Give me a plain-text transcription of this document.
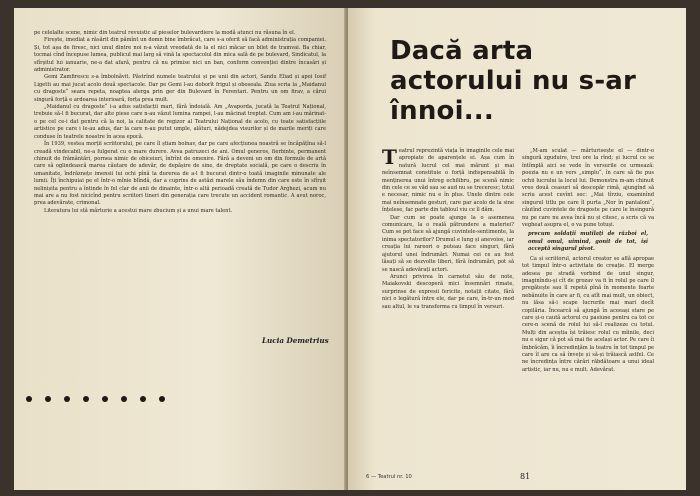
pe celelalte scene, nimic din teatrul revuistic al pieselor bulevardiere la modă atunci nu răsuna în el.

Firește, imediat a răsărit din pămînt un domn bine îmbrăcat, care s-a oferit să facă administrația companiei. Și, tot așa de firesc, nici unul dintre noi n-a văzut vreodată de la el nici măcar un bilet de tramvai. Ba chiar, tocmai cînd începuse lumea, publicul mai larg să vină la spectacolul din mica sală de pe bulevard, Sindicatul, la sfîrșitul lui ianuarie, ne-a dat afară, pentru că nu primise nici un ban, conform convenției dintre încasări și administrator.

Gemi Zamfirescu s-a îmbolnăvit. Păstrînd numele teatrului și pe unii din actori, Sandu Eliad și apoi Iosif Ligetti au mai jucat acolo două spectacole. Dar pe Gemi l-au doborît frigul și oboseala. Ziua scria la „Maidanul cu dragoste“ seara repeta, noaptea alerga prin ger din Bulevard în Ferentari. Pentru un om firav, a cărui singură forță e ardoarea interioară, forța prea mult.

„Maidanul cu dragoste“ i-a adus satisfacții mari, fără îndoială. Am „Avaporda, jucată la Teatrul Național, trebuie să-l fi bucurat, dar alte piese care n-au văzut lumina rampei, l-au măcinat treptat. Cum am i-au mărinat-o pe cel ce-i dat pentru că la noi, la calitate de regizor al Teatrului Național de acolo, cu toate satisfacțiile artistice pe care i le-au adus, dar la care n-au putut umple, alături, nădejdea visurilor și de marile meriți care conduse în teatrele noastre în acea epocă.

În 1939, vestea morții scriitorului, pe care îl știam bolnav, dar pe care afecțiunea noastră se încăpățîna să-l creadă vindecabil, ne-a fulgerat cu o mare durere. Avea patruzeci de ani. Omul generos, fierbinte, permanent chinuit de frământări, pornea nimic de obiceiuri, înfrînt de omenire. Fără a deveni un om din formule de artă care să oglindească marea căutare de adevăr, de depășire de sine, de dreptate socială, pe care o descriu în umanitate, îndrăznețe imensii lui ochi pînă la durerea de a-l fi bucurat dintr-o toată imaginile minunate ale lumii. Îți închipuiai pe el într-o mînie blîndă, dar a cuprins de astăzi marele său îndemn din care este în sfîrșit nelinișita pentru a întinde în fel clar de anii de dinainte, într-o altă perioadă creată de Tudor Arghezi, acum nu mai are a nu fost nicicînd pentru scriitori tineri din generația care trecute un accident romantic. A avut noroc, prea adevărate, crimonal.

Literatura lui stă mărturie a acestui mare zbucium și a unui mare talent.

Lucia Demetrius
Dacă arta actorului nu s-ar înnoi...

Teatrul reprezintă viața în imaginile cele mai apropiate de aparențele ei. Așa cum în natură lucrul cel mai mărunt și mai neînsemnat constituie o forță indispensabilă în menținerea unui întreg echilibru, pe scenă nimic din cele ce se văd sau se aud nu se treceresc; totul e necesar, nimic nu e în plus. Unele dintre cele mai neînsemnate gesturi, care par acolo de la sine înțelese, fac parte din tabloul viu ce îl dăm.

Dar cum se poate ajunge la o asemenea comunicare, la o reală pătrundere a materiei? Cum se pot face să ajungă cuvintele-sentimente, la inima spectatorilor? Drumul e lung și anevoios, iar creația lui rareori o puteau face singuri, fără ajutorul unei îndrumări. Numai cei ce au fost lăsați să se dezvolte liberi, fără îndrumări, pot să se nască adevărați actori.

Arunci privirea în carnetul său de note, Maiakovski descoperă mici însemnări rimate, surprinse de expresii fericite, notații citate, fără nici o legătură între ele, dar pe care, în-tr-un mod sau altul, le va transforma cu timpul în versuri.

„M-am sculat — mărturisește el — dintr-o singură zguduire, trei ore la rînd; și lucrul ce se întîmplă aici se vede în versurile ce urmează: poezia nu e un vers „simplu“, în care să fie pus ochii lucrului la locul lui. Demonstra m-am chinuit vreo două ceasuri să descopăr rimă, ajungînd să scriu acest cuvînt sec: „Mai tîrziu, examinînd singurul titlu pe care îl purta „Nor în pantaloni“, căutînd cuvintele de dragoste pe care le însingură nu pe care nu avea încă nu și citesc, a scris că va vegheat asupra el, o va pune totuși.

precum soldații mutilați de război el, omul omul, uimind, gonit de tot, iși acceptă singurul pivot.

Ca și scriitorul, actorul creator se află apropae tot timpul într-o activitate de creație. El merge adesea pe stradă vorbind de unul singur, imaginîndu-și cît de grozav va fi în rolul pe care îl pregătește sau îl repetă pînă în momente foarte nebănuite în care ar fi, cu atît mai mult, un obiect, nu lăsa să-i scape lucrurile mai mari decît copilăria. Încearcă să ajungă în aceeași stare pe care și-o caută actorul cu pasiune pentru ca tot ce cere-n scenă de rolul lui să-l realizeze cu totul. Mulți din aceștia își trăiesc rolul cu mîinile, deci nu e sigur că pot să mai fie același actor. Pe care îi îmbrăcăm, îi încredințăm la teatru în tot timpul pe care îl are ca să învețe și să-și trăiască astfel. Ce ne încredința între cărări răbdătoare a unui ideal artistic, iar nu, nu e mult. Adevărat.

6 — Teatrul nr. 10	81
